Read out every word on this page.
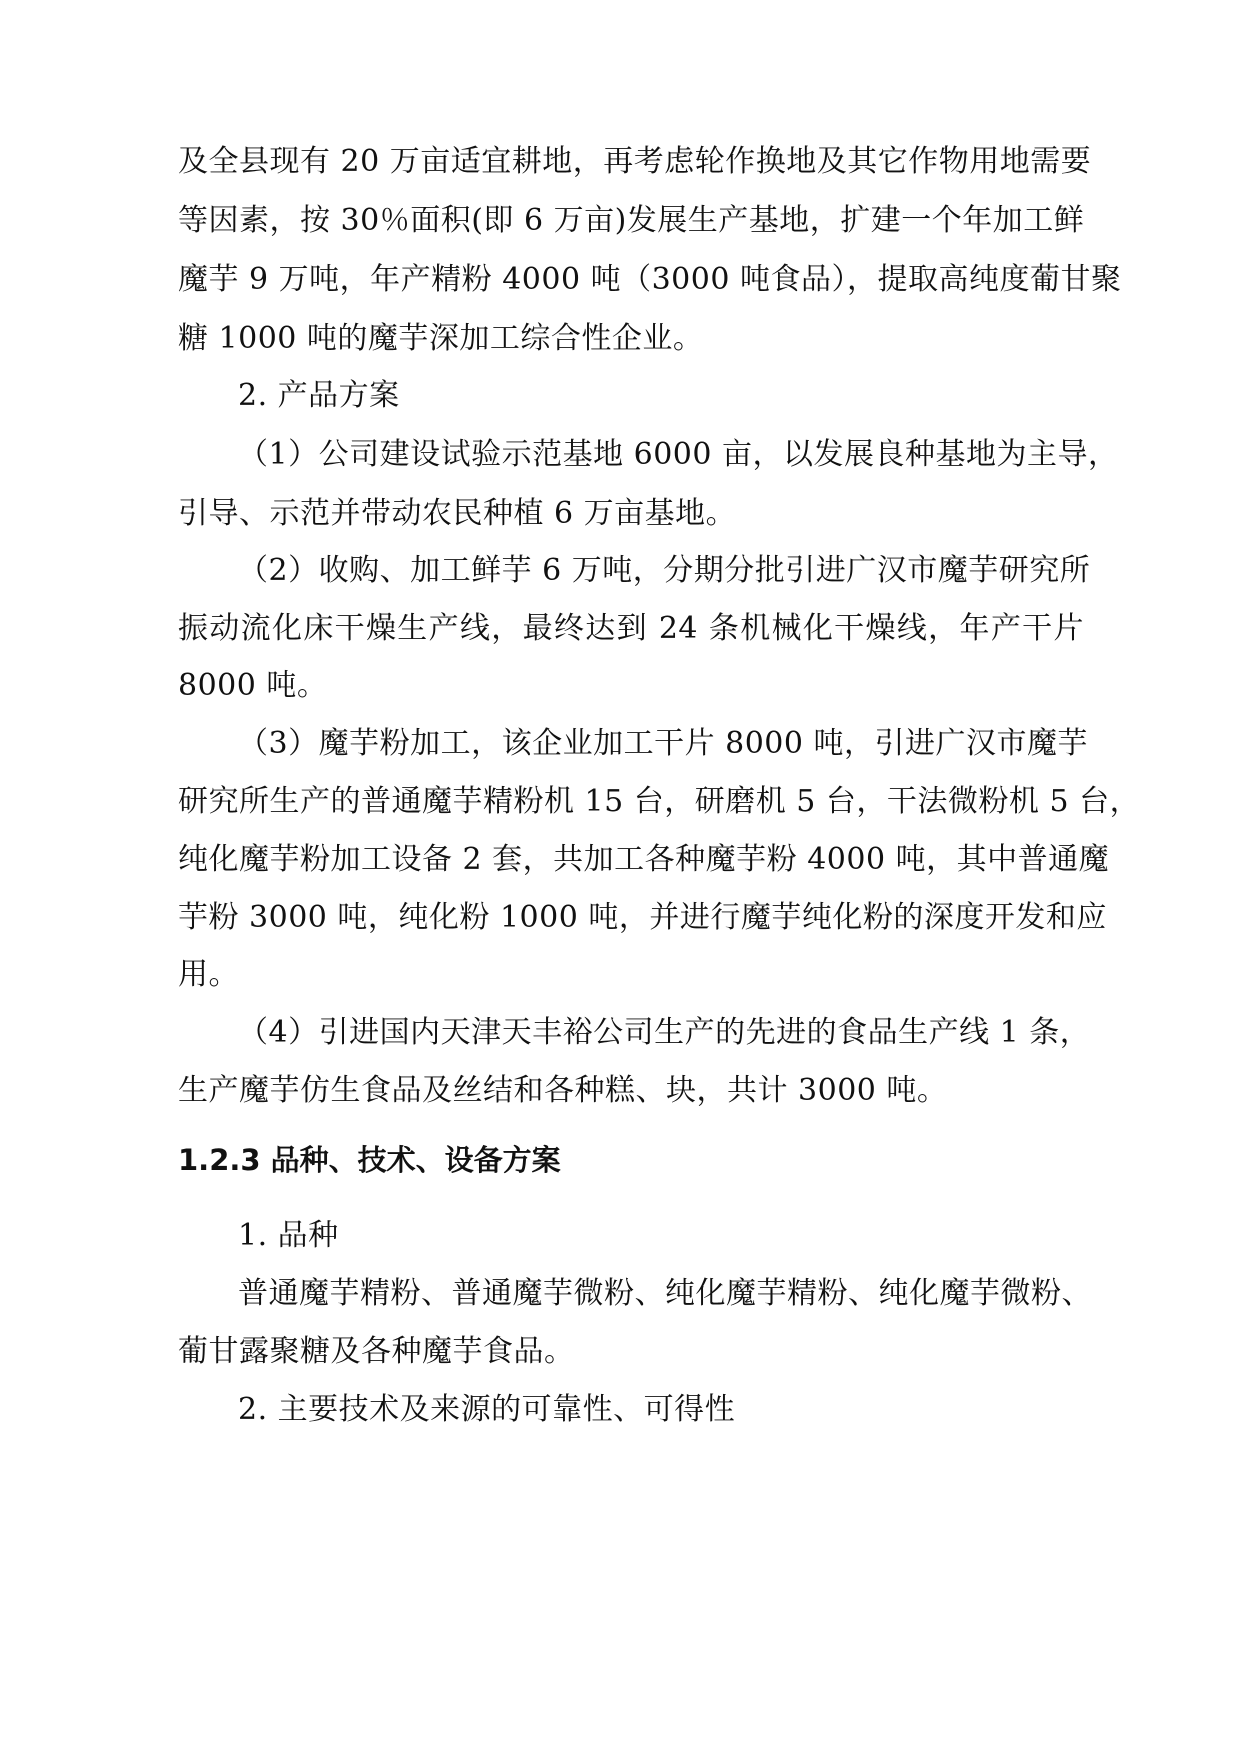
及全县现有 20 万亩适宜耕地，再考虑轮作换地及其它作物用地需要
等因素，按 30％面积(即 6 万亩)发展生产基地，扩建一个年加工鲜
魔芋 9 万吨，年产精粉 4000 吨（3000 吨食品），提取高纯度葡甘聚
糖 1000 吨的魔芋深加工综合性企业。
2. 产品方案
（1）公司建设试验示范基地 6000 亩，以发展良种基地为主导，
引导、示范并带动农民种植 6 万亩基地。
（2）收购、加工鲜芋 6 万吨，分期分批引进广汉市魔芋研究所
振动流化床干燥生产线，最终达到 24 条机械化干燥线，年产干片
8000 吨。
（3）魔芋粉加工，该企业加工干片 8000 吨，引进广汉市魔芋
研究所生产的普通魔芋精粉机 15 台，研磨机 5 台，干法微粉机 5 台，
纯化魔芋粉加工设备 2 套，共加工各种魔芋粉 4000 吨，其中普通魔
芋粉 3000 吨，纯化粉 1000 吨，并进行魔芋纯化粉的深度开发和应
用。
（4）引进国内天津天丰裕公司生产的先进的食品生产线 1 条，
生产魔芋仿生食品及丝结和各种糕、块，共计 3000 吨。
1.2.3 品种、技术、设备方案
1. 品种
普通魔芋精粉、普通魔芋微粉、纯化魔芋精粉、纯化魔芋微粉、
葡甘露聚糖及各种魔芋食品。
2. 主要技术及来源的可靠性、可得性
